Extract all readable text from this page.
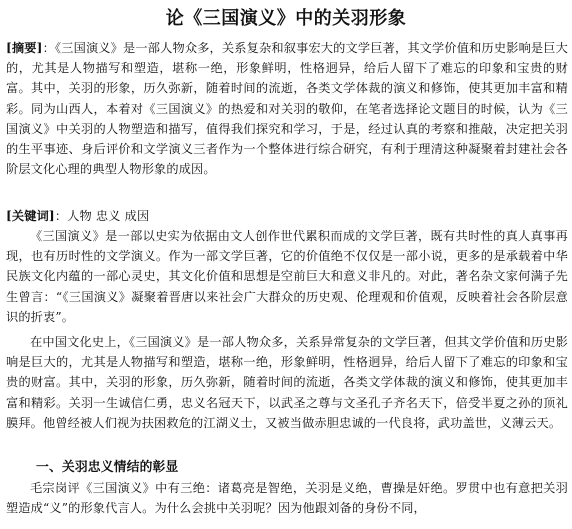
论《三国演义》中的关羽形象
[摘要]：《三国演义》是一部人物众多，关系复杂和叙事宏大的文学巨著，其文学价值和历史影响是巨大的，尤其是人物描写和塑造，堪称一绝，形象鲜明，性格迥异，给后人留下了难忘的印象和宝贵的财富。其中，关羽的形象，历久弥新，随着时间的流逝，各类文学体裁的演义和修饰，使其更加丰富和精彩。同为山西人，本着对《三国演义》的热爱和对关羽的敬仰，在笔者选择论文题目的时候，认为《三国演义》中关羽的人物塑造和描写，值得我们探究和学习，于是，经过认真的考察和推敲，决定把关羽的生平事迹、身后评价和文学演义三者作为一个整体进行综合研究，有利于理清这种凝聚着封建社会各阶层文化心理的典型人物形象的成因。
[关键词]：人物 忠义 成因
《三国演义》是一部以史实为依据由文人创作世代累积而成的文学巨著，既有共时性的真人真事再现，也有历时性的文学演义。作为一部文学巨著，它的价值绝不仅仅是一部小说，更多的是承载着中华民族文化内蕴的一部心灵史，其文化价值和思想是空前巨大和意义非凡的。对此，著名杂文家何满子先生曾言：“《三国演义》凝聚着晋唐以来社会广大群众的历史观、伦理观和价值观，反映着社会各阶层意识的折衷”。
在中国文化史上，《三国演义》是一部人物众多，关系异常复杂的文学巨著，但其文学价值和历史影响是巨大的，尤其是人物描写和塑造，堪称一绝，形象鲜明，性格迥异，给后人留下了难忘的印象和宝贵的财富。其中，关羽的形象，历久弥新，随着时间的流逝，各类文学体裁的演义和修饰，使其更加丰富和精彩。关羽一生诚信仁勇，忠义名冠天下，以武圣之尊与文圣孔子齐名天下，倍受半夏之孙的顶礼膜拜。他曾经被人们视为扶困救危的江湖义士，又被当做赤胆忠诚的一代良将，武功盖世，义薄云天。
一、关羽忠义情结的彰显
毛宗岗评《三国演义》中有三绝：诸葛亮是智绝，关羽是义绝，曹操是奸绝。罗贯中也有意把关羽塑造成“义”的形象代言人。为什么会挑中关羽呢？因为他跟刘备的身份不同，
